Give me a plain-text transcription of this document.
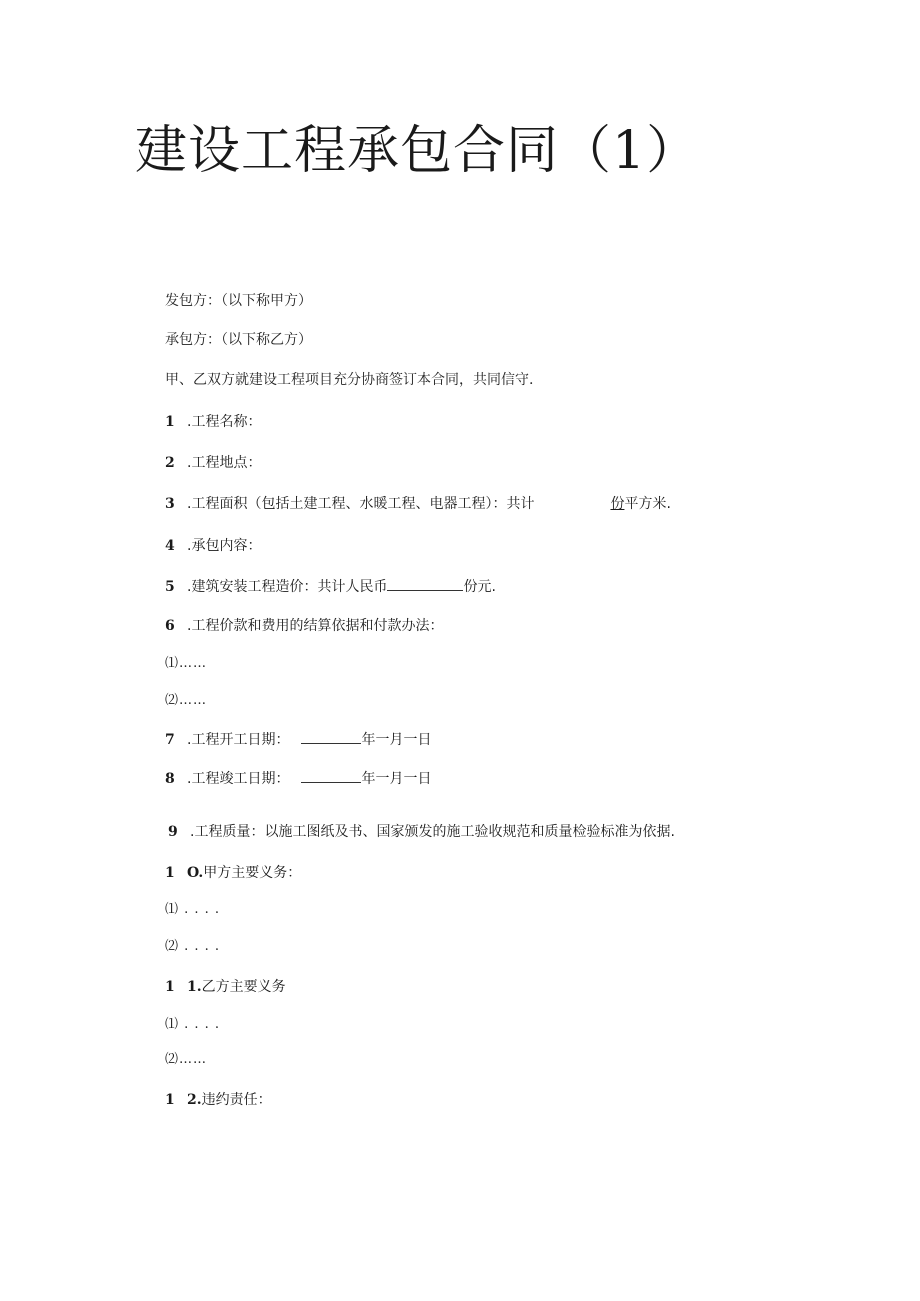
建设工程承包合同（1）
发包方：（以下称甲方）
承包方：（以下称乙方）
甲、乙双方就建设工程项目充分协商签订本合同，共同信守.
1 .工程名称：
2 .工程地点：
3 .工程面积（包括土建工程、水暖工程、电器工程）：共计	份平方米.
4 .承包内容：
5 .建筑安装工程造价：共计人民币	份元.
6 .工程价款和费用的结算依据和付款办法：
⑴……
⑵……
7 .工程开工日期：	年一月一日
8 .工程竣工日期：	年一月一日
9 .工程质量：以施工图纸及书、国家颁发的施工验收规范和质量检验标准为依据.
1 O.甲方主要义务：
⑴ . . . .
⑵ . . . .
1 1.乙方主要义务
⑴ . . . .
⑵……
1 2.违约责任：
